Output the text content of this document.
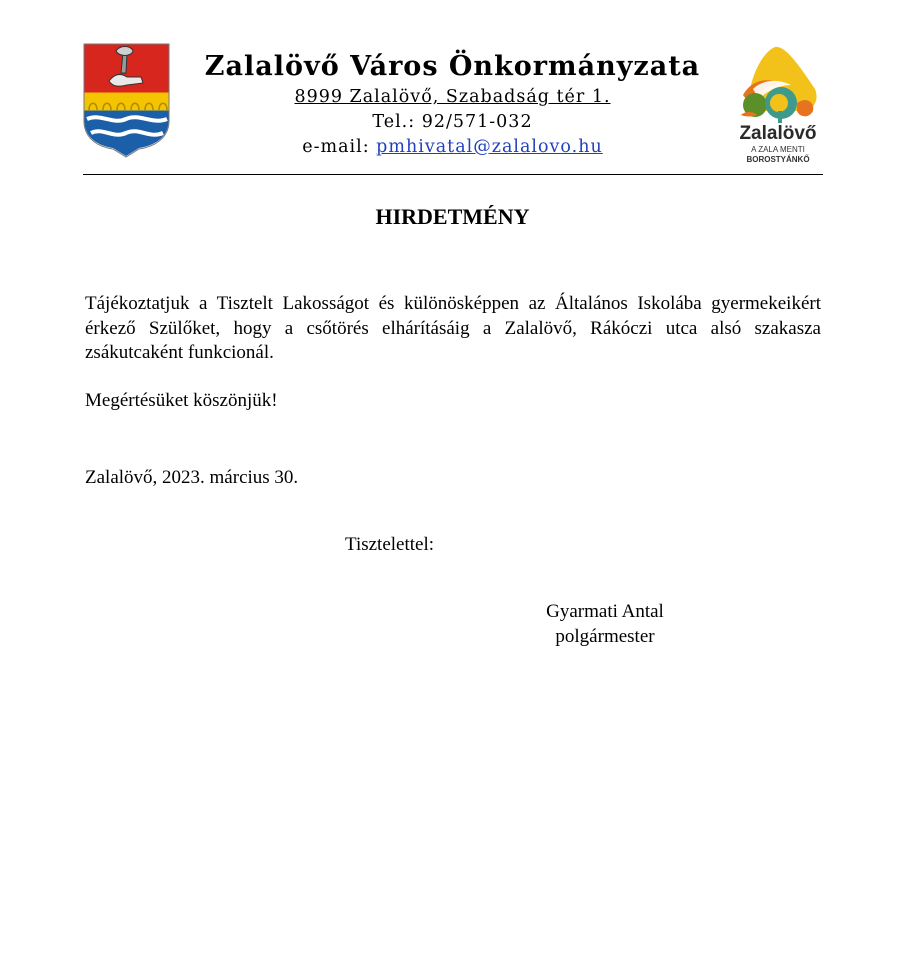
Zalalövő Város Önkormányzata
8999 Zalalövő, Szabadság tér 1.
Tel.: 92/571-032
e-mail: pmhivatal@zalalovo.hu
Zalalövő
A ZALA MENTI
BOROSTYÁNKŐ
HIRDETMÉNY
Tájékoztatjuk a Tisztelt Lakosságot és különösképpen az Általános Iskolába gyermekeikért érkező Szülőket, hogy a csőtörés elhárításáig a Zalalövő, Rákóczi utca alsó szakasza zsákutcaként funkcionál.
Megértésüket köszönjük!
Zalalövő, 2023. március 30.
Tisztelettel:
Gyarmati Antal
polgármester
